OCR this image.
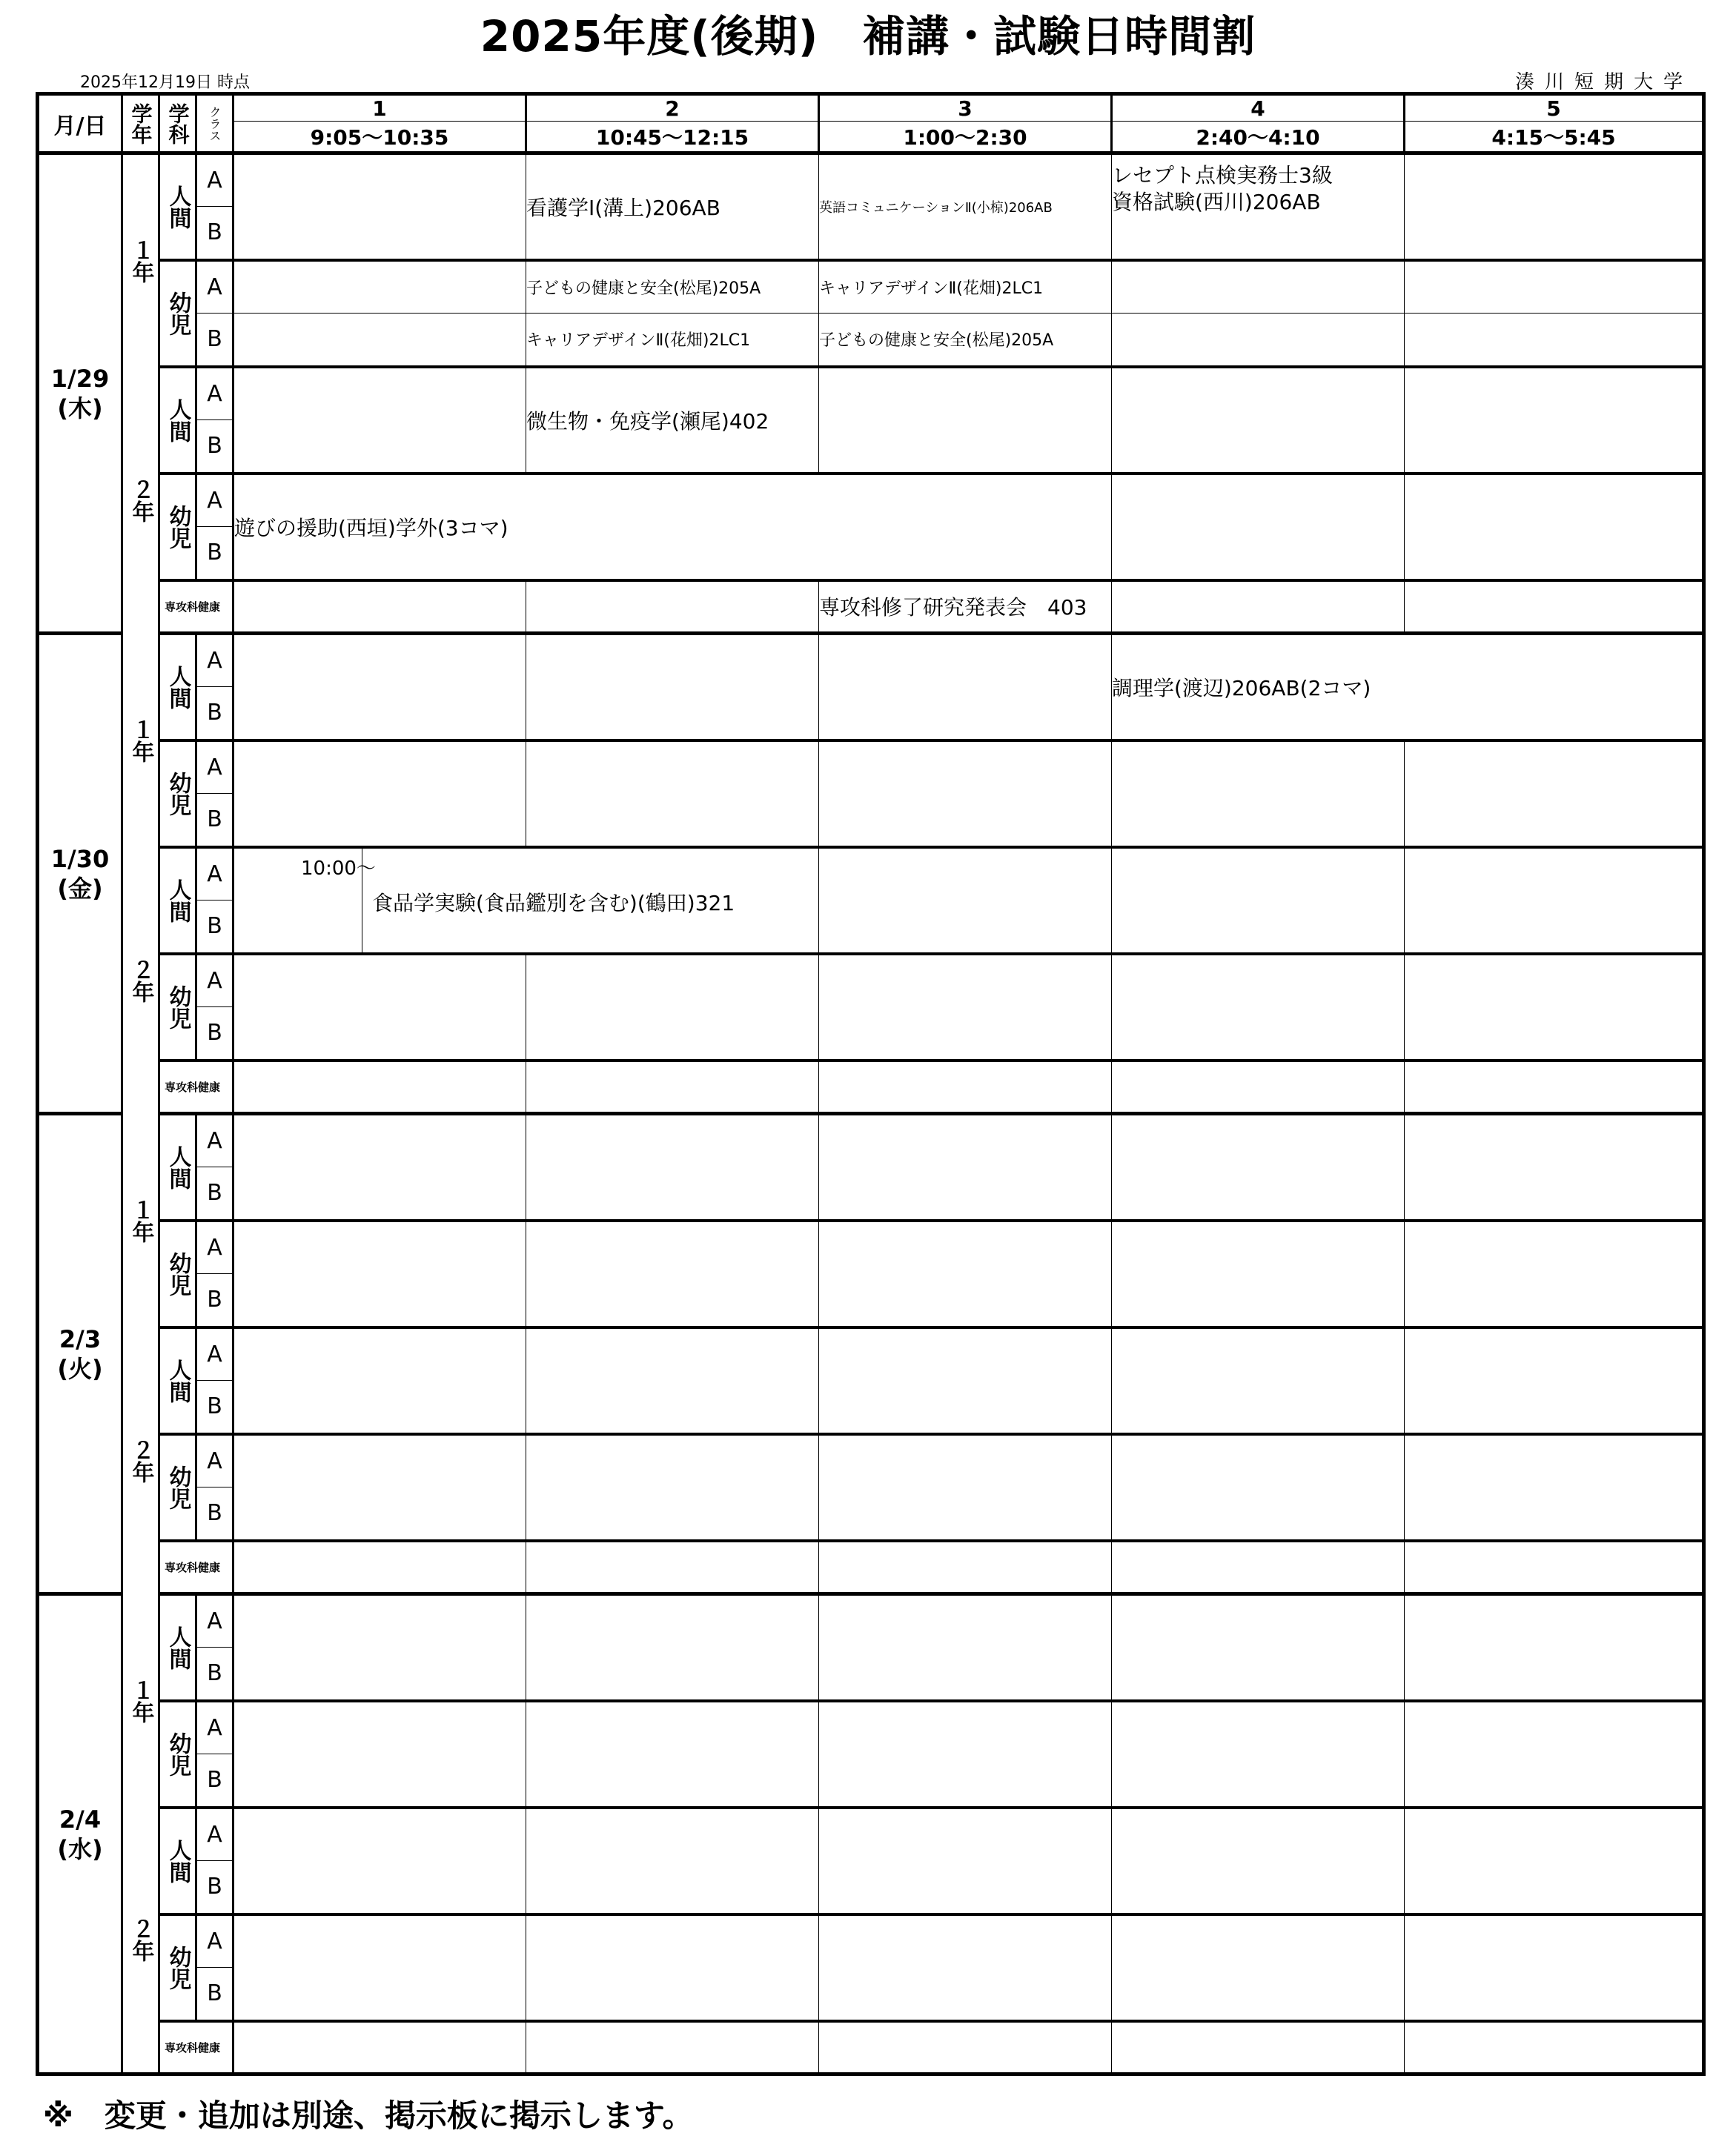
2025年度(後期)　補講・試験日時間割
2025年12月19日 時点	湊川短期大学
月/日	学年	学科	クラス	1	2	3	4	5
				9:05～10:35	10:45～12:15	1:00～2:30	2:40～4:10	4:15～5:45
1/29
(木)	１年	人間	A		看護学Ⅰ(溝上)206AB	英語コミュニケーションⅡ(小椋)206AB	レセプト点検実務士3級
資格試験(西川)206AB	
			B					

		幼児	A		子どもの健康と安全(松尾)205A	キャリアデザインⅡ(花畑)2LC1		
			B		キャリアデザインⅡ(花畑)2LC1	子どもの健康と安全(松尾)205A		

	２年	人間	A		微生物・免疫学(瀬尾)402			
			B					

		幼児	A	遊びの援助(西垣)学外(3コマ)				
			B					
		専攻科健康				専攻科修了研究発表会　403		
1/30
(金)	１年	人間	A				調理学(渡辺)206AB(2コマ)	
			B					

		幼児	A					
			B					

	２年	人間	A	10:00～
食品学実験(食品鑑別を含む)(鶴田)321				

			B					

		幼児	A					
			B					
		専攻科健康						
2/3
(火)	１年	人間	A					
			B					

		幼児	A					
			B					

	２年	人間	A					
			B					

		幼児	A					
			B					
		専攻科健康						
2/4
(水)	１年	人間	A					
			B					

		幼児	A					
			B					

	２年	人間	A					
			B					

		幼児	A					
			B					
		専攻科健康						
※　変更・追加は別途、掲示板に掲示します。
